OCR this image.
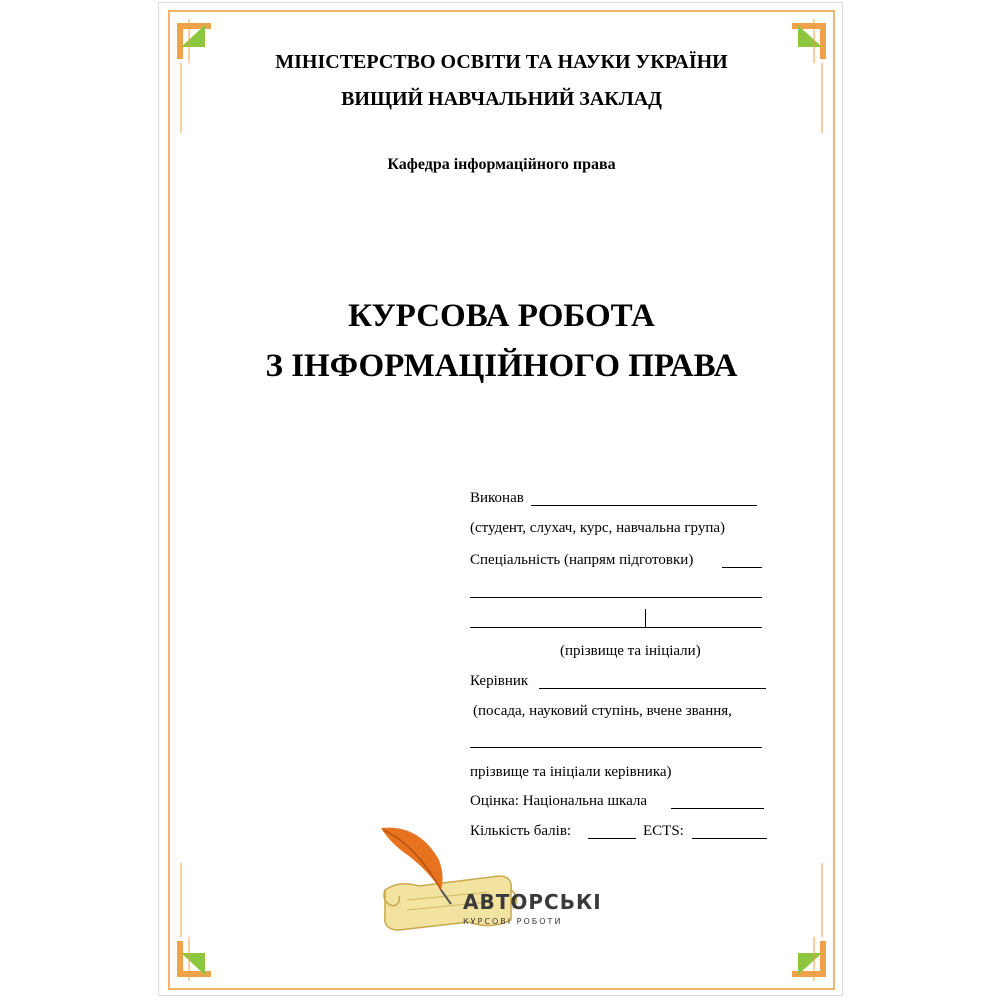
МІНІСТЕРСТВО ОСВІТИ ТА НАУКИ УКРАЇНИ
ВИЩИЙ НАВЧАЛЬНИЙ ЗАКЛАД
Кафедра інформаційного права
КУРСОВА РОБОТА
З ІНФОРМАЦІЙНОГО ПРАВА
Виконав
(студент, слухач, курс, навчальна група)
Спеціальність (напрям підготовки)
(прізвище та ініціали)
Керівник
(посада, науковий ступінь, вчене звання,
прізвище та ініціали керівника)
Оцінка: Національна шкала
Кількість балів:	ECTS:
АВТОРСЬКІ
КУРСОВІ РОБОТИ
